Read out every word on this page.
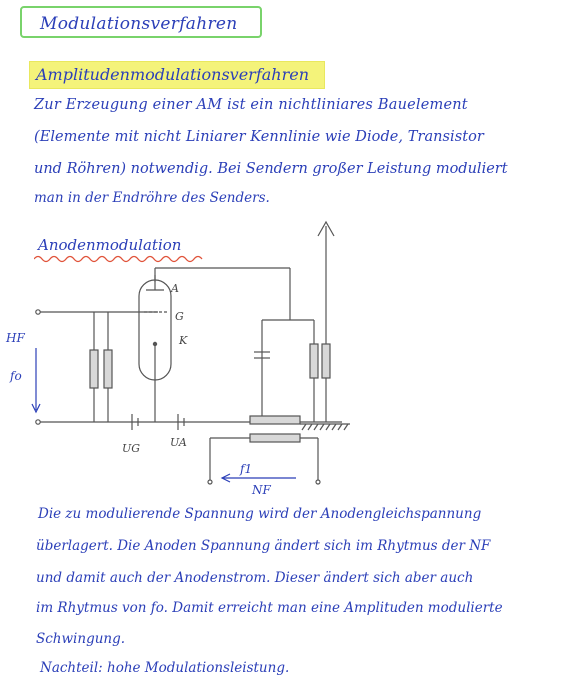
Modulationsverfahren
Amplitudenmodulationsverfahren
Zur Erzeugung einer AM ist ein nichtliniares Bauelement
(Elemente mit nicht Liniarer Kennlinie wie Diode, Transistor
und Röhren) notwendig. Bei Sendern großer Leistung moduliert
man in der Endröhre des Senders.
Anodenmodulation
HF
fo
f1
NF
A
G
K
UG	UA
Die zu modulierende Spannung wird der Anodengleichspannung
überlagert. Die Anoden Spannung ändert sich im Rhytmus der NF
und damit auch der Anodenstrom. Dieser ändert sich aber auch
im Rhytmus von fo. Damit erreicht man eine Amplituden modulierte
Schwingung.
Nachteil: hohe Modulationsleistung.
